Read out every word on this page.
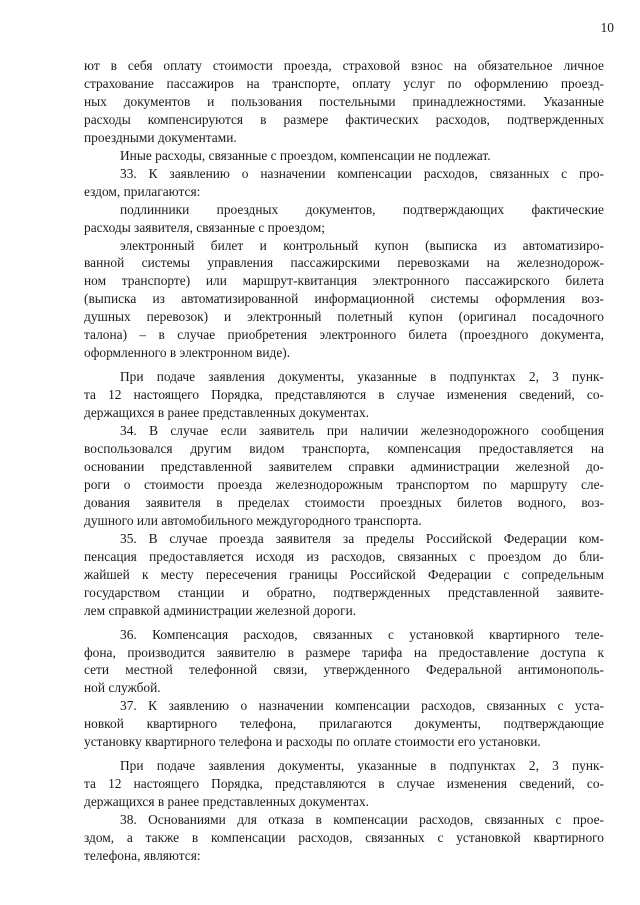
10
ют в себя оплату стоимости проезда, страховой взнос на обязательное личное
страхование пассажиров на транспорте, оплату услуг по оформлению проезд-
ных документов и пользования постельными принадлежностями. Указанные
расходы компенсируются в размере фактических расходов, подтвержденных
проездными документами.
Иные расходы, связанные с проездом, компенсации не подлежат.
33. К заявлению о назначении компенсации расходов, связанных с про-
ездом, прилагаются:
подлинники проездных документов, подтверждающих фактические
расходы заявителя, связанные с проездом;
электронный билет и контрольный купон (выписка из автоматизиро-
ванной системы управления пассажирскими перевозками на железнодорож-
ном транспорте) или маршрут-квитанция электронного пассажирского билета
(выписка из автоматизированной информационной системы оформления воз-
душных перевозок) и электронный полетный купон (оригинал посадочного
талона) – в случае приобретения электронного билета (проездного документа,
оформленного в электронном виде).
При подаче заявления документы, указанные в подпунктах 2, 3 пунк-
та 12 настоящего Порядка, представляются в случае изменения сведений, со-
держащихся в ранее представленных документах.
34. В случае если заявитель при наличии железнодорожного сообщения
воспользовался другим видом транспорта, компенсация предоставляется на
основании представленной заявителем справки администрации железной до-
роги о стоимости проезда железнодорожным транспортом по маршруту сле-
дования заявителя в пределах стоимости проездных билетов водного, воз-
душного или автомобильного междугородного транспорта.
35. В случае проезда заявителя за пределы Российской Федерации ком-
пенсация предоставляется исходя из расходов, связанных с проездом до бли-
жайшей к месту пересечения границы Российской Федерации с сопредельным
государством станции и обратно, подтвержденных представленной заявите-
лем справкой администрации железной дороги.
36. Компенсация расходов, связанных с установкой квартирного теле-
фона, производится заявителю в размере тарифа на предоставление доступа к
сети местной телефонной связи, утвержденного Федеральной антимонополь-
ной службой.
37. К заявлению о назначении компенсации расходов, связанных с уста-
новкой квартирного телефона, прилагаются документы, подтверждающие
установку квартирного телефона и расходы по оплате стоимости его установки.
При подаче заявления документы, указанные в подпунктах 2, 3 пунк-
та 12 настоящего Порядка, представляются в случае изменения сведений, со-
держащихся в ранее представленных документах.
38. Основаниями для отказа в компенсации расходов, связанных с прое-
здом, а также в компенсации расходов, связанных с установкой квартирного
телефона, являются:
